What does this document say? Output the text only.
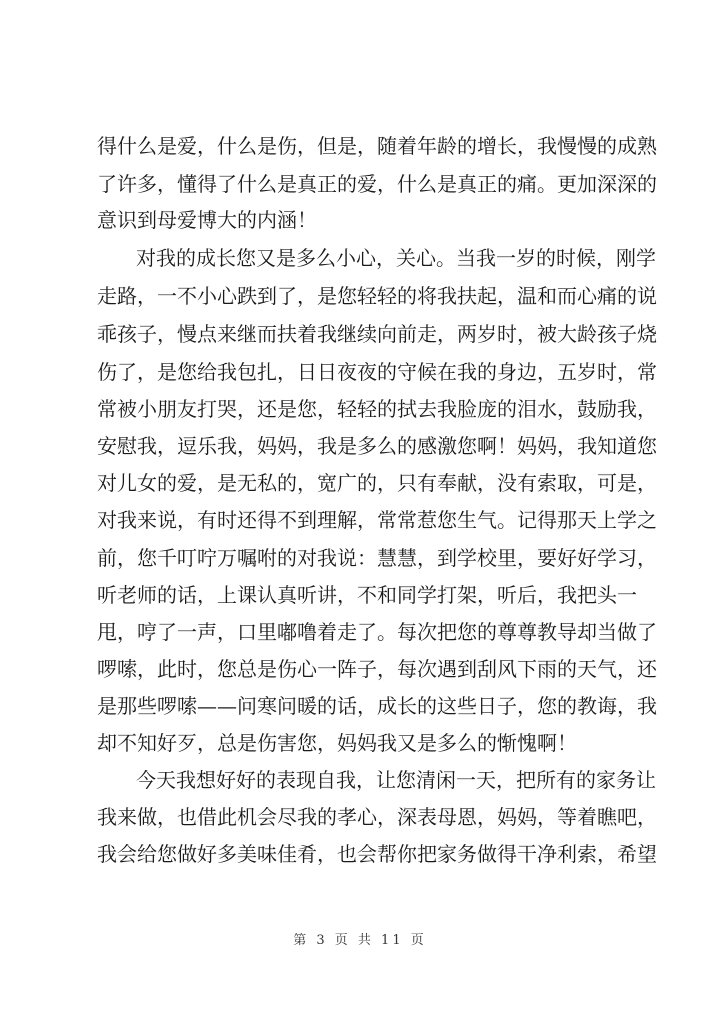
得什么是爱，什么是伤，但是，随着年龄的增长，我慢慢的成熟
了许多，懂得了什么是真正的爱，什么是真正的痛。更加深深的
意识到母爱博大的内涵！
对我的成长您又是多么小心，关心。当我一岁的时候，刚学
走路，一不小心跌到了，是您轻轻的将我扶起，温和而心痛的说
乖孩子，慢点来继而扶着我继续向前走，两岁时，被大龄孩子烧
伤了，是您给我包扎，日日夜夜的守候在我的身边，五岁时，常
常被小朋友打哭，还是您，轻轻的拭去我脸庞的泪水，鼓励我，
安慰我，逗乐我，妈妈，我是多么的感激您啊！妈妈，我知道您
对儿女的爱，是无私的，宽广的，只有奉献，没有索取，可是，
对我来说，有时还得不到理解，常常惹您生气。记得那天上学之
前，您千叮咛万嘱咐的对我说：慧慧，到学校里，要好好学习，
听老师的话，上课认真听讲，不和同学打架，听后，我把头一
甩，哼了一声，口里嘟噜着走了。每次把您的尊尊教导却当做了
啰嗦，此时，您总是伤心一阵子，每次遇到刮风下雨的天气，还
是那些啰嗦——问寒问暖的话，成长的这些日子，您的教诲，我
却不知好歹，总是伤害您，妈妈我又是多么的惭愧啊！
今天我想好好的表现自我，让您清闲一天，把所有的家务让
我来做，也借此机会尽我的孝心，深表母恩，妈妈，等着瞧吧，
我会给您做好多美味佳肴，也会帮你把家务做得干净利索，希望
第 3 页 共 11 页
